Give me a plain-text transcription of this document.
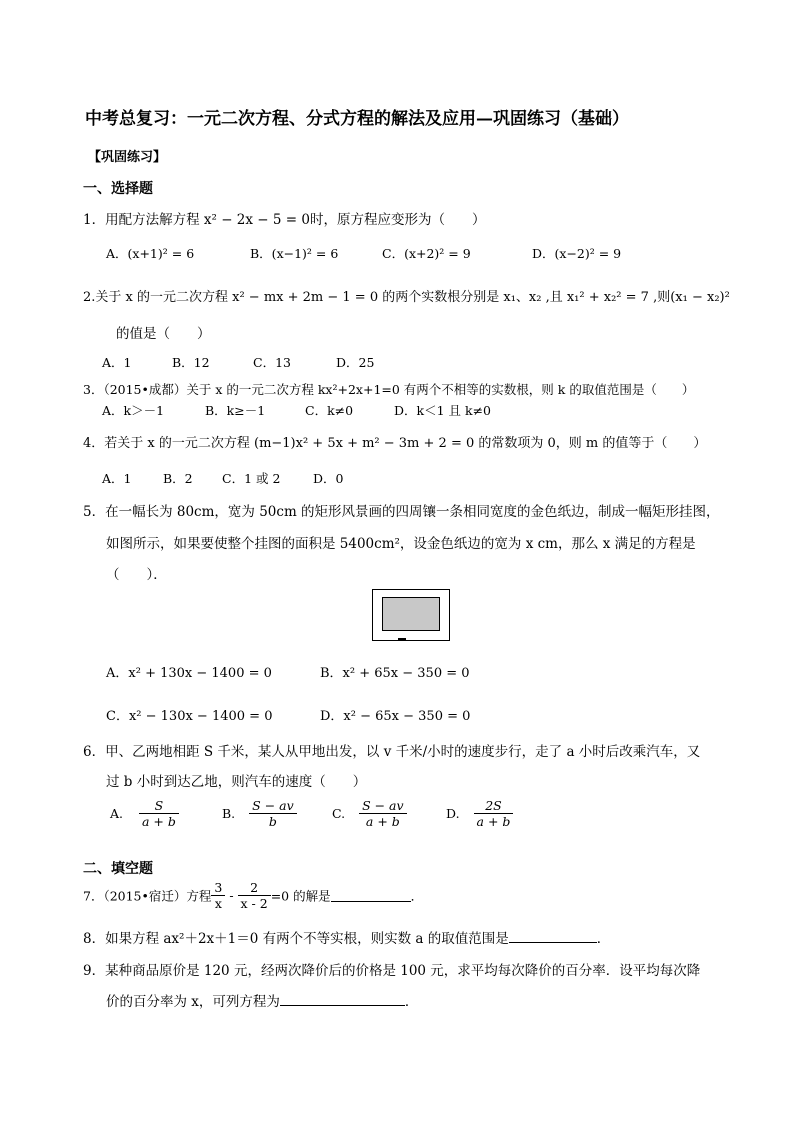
中考总复习：一元二次方程、分式方程的解法及应用—巩固练习（基础）
【巩固练习】
一、选择题
1．用配方法解方程 x² − 2x − 5 = 0时，原方程应变形为（　　）
A．(x+1)² = 6	B．(x−1)² = 6	C．(x+2)² = 9	D．(x−2)² = 9
2.关于 x 的一元二次方程 x² − mx + 2m − 1 = 0 的两个实数根分别是 x₁、x₂ ,且 x₁² + x₂² = 7 ,则(x₁ − x₂)²
的值是（　　）
A．1	B．12	C．13	D．25
3．（2015•成都）关于 x 的一元二次方程 kx²+2x+1=0 有两个不相等的实数根，则 k 的取值范围是（　　）
A．k＞－1	B．k≥－1	C．k≠0	D．k＜1 且 k≠0
4．若关于 x 的一元二次方程 (m−1)x² + 5x + m² − 3m + 2 = 0 的常数项为 0，则 m 的值等于（　　）
A．1	B．2 C．1 或 2	D．0
5．在一幅长为 80cm，宽为 50cm 的矩形风景画的四周镶一条相同宽度的金色纸边，制成一幅矩形挂图，
如图所示，如果要使整个挂图的面积是 5400cm²，设金色纸边的宽为 x cm，那么 x 满足的方程是
（　　）．
A．x² + 130x − 1400 = 0	B．x² + 65x − 350 = 0
C．x² − 130x − 1400 = 0	D．x² − 65x − 350 = 0
6．甲、乙两地相距 S 千米，某人从甲地出发，以 v 千米/小时的速度步行，走了 a 小时后改乘汽车，又
过 b 小时到达乙地，则汽车的速度（　　）
A. $\frac{S}{a + b}$	B. $\frac{S - av}{b}$	C. $\frac{S - av}{a + b}$	D. $\frac{2S}{a + b}$
二、填空题
7．（2015•宿迁）方程 $\frac{3}{x} - \frac{2}{x - 2} =0$ 的解是	．
8．如果方程 ax²＋2x＋1＝0 有两个不等实根，则实数 a 的取值范围是	．
9．某种商品原价是 120 元，经两次降价后的价格是 100 元，求平均每次降价的百分率．设平均每次降
价的百分率为 x，可列方程为	．
